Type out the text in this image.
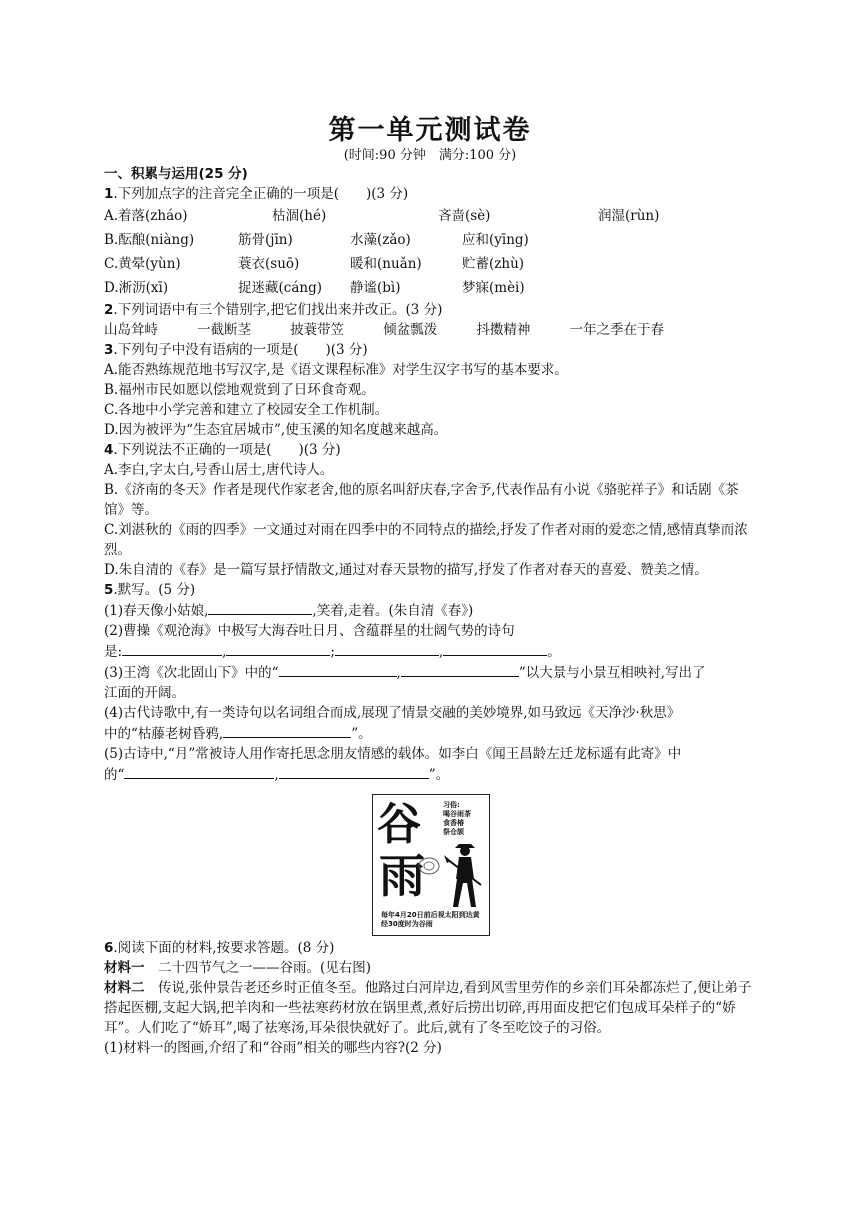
第一单元测试卷
(时间:90 分钟　满分:100 分)
一、积累与运用(25 分)
1.下列加点字的注音完全正确的一项是(　　)(3 分)
A.着落(zháo)	枯涸(hé)	吝啬(sè)	润湿(rùn)
B.酝酿(niàng)	筋骨(jīn)	水藻(zǎo)	应和(yīng)
C.黄晕(yùn)	蓑衣(suō)	暖和(nuǎn)	贮蓄(zhù)
D.淅沥(xī)	捉迷藏(cáng)	静谧(bì)	梦寐(mèi)
2.下列词语中有三个错别字,把它们找出来并改正。(3 分)
山岛耸峙	一截断茎	披蓑带笠	倾盆瓢泼	抖擞精神	一年之季在于春
3.下列句子中没有语病的一项是(　　)(3 分)
A.能否熟练规范地书写汉字,是《语文课程标准》对学生汉字书写的基本要求。
B.福州市民如愿以偿地观赏到了日环食奇观。
C.各地中小学完善和建立了校园安全工作机制。
D.因为被评为“生态宜居城市”,使玉溪的知名度越来越高。
4.下列说法不正确的一项是(　　)(3 分)
A.李白,字太白,号香山居士,唐代诗人。
B.《济南的冬天》作者是现代作家老舍,他的原名叫舒庆春,字舍予,代表作品有小说《骆驼祥子》和话剧《茶馆》等。
C.刘湛秋的《雨的四季》一文通过对雨在四季中的不同特点的描绘,抒发了作者对雨的爱恋之情,感情真挚而浓烈。
D.朱自清的《春》是一篇写景抒情散文,通过对春天景物的描写,抒发了作者对春天的喜爱、赞美之情。
5.默写。(5 分)
(1)春天像小姑娘,	,笑着,走着。(朱自清《春》)
(2)曹操《观沧海》中极写大海吞吐日月、含蕴群星的壮阔气势的诗句
是:	,	;	,	。
(3)王湾《次北固山下》中的“	,	”以大景与小景互相映衬,写出了
江面的开阔。
(4)古代诗歌中,有一类诗句以名词组合而成,展现了情景交融的美妙境界,如马致远《天净沙·秋思》
中的“枯藤老树昏鸦,	”。
(5)古诗中,“月”常被诗人用作寄托思念朋友情感的载体。如李白《闻王昌龄左迁龙标遥有此寄》中
的“	,	”。
谷
雨
习俗:
喝谷雨茶
食香椿
祭仓颉
每年4月20日前后视太阳到达黄经30度时为谷雨
6.阅读下面的材料,按要求答题。(8 分)
材料一　二十四节气之一——谷雨。(见右图)
材料二　传说,张仲景告老还乡时正值冬至。他路过白河岸边,看到风雪里劳作的乡亲们耳朵都冻烂了,便让弟子搭起医棚,支起大锅,把羊肉和一些祛寒药材放在锅里煮,煮好后捞出切碎,再用面皮把它们包成耳朵样子的“娇耳”。人们吃了“娇耳”,喝了祛寒汤,耳朵很快就好了。此后,就有了冬至吃饺子的习俗。
(1)材料一的图画,介绍了和“谷雨”相关的哪些内容?(2 分)
